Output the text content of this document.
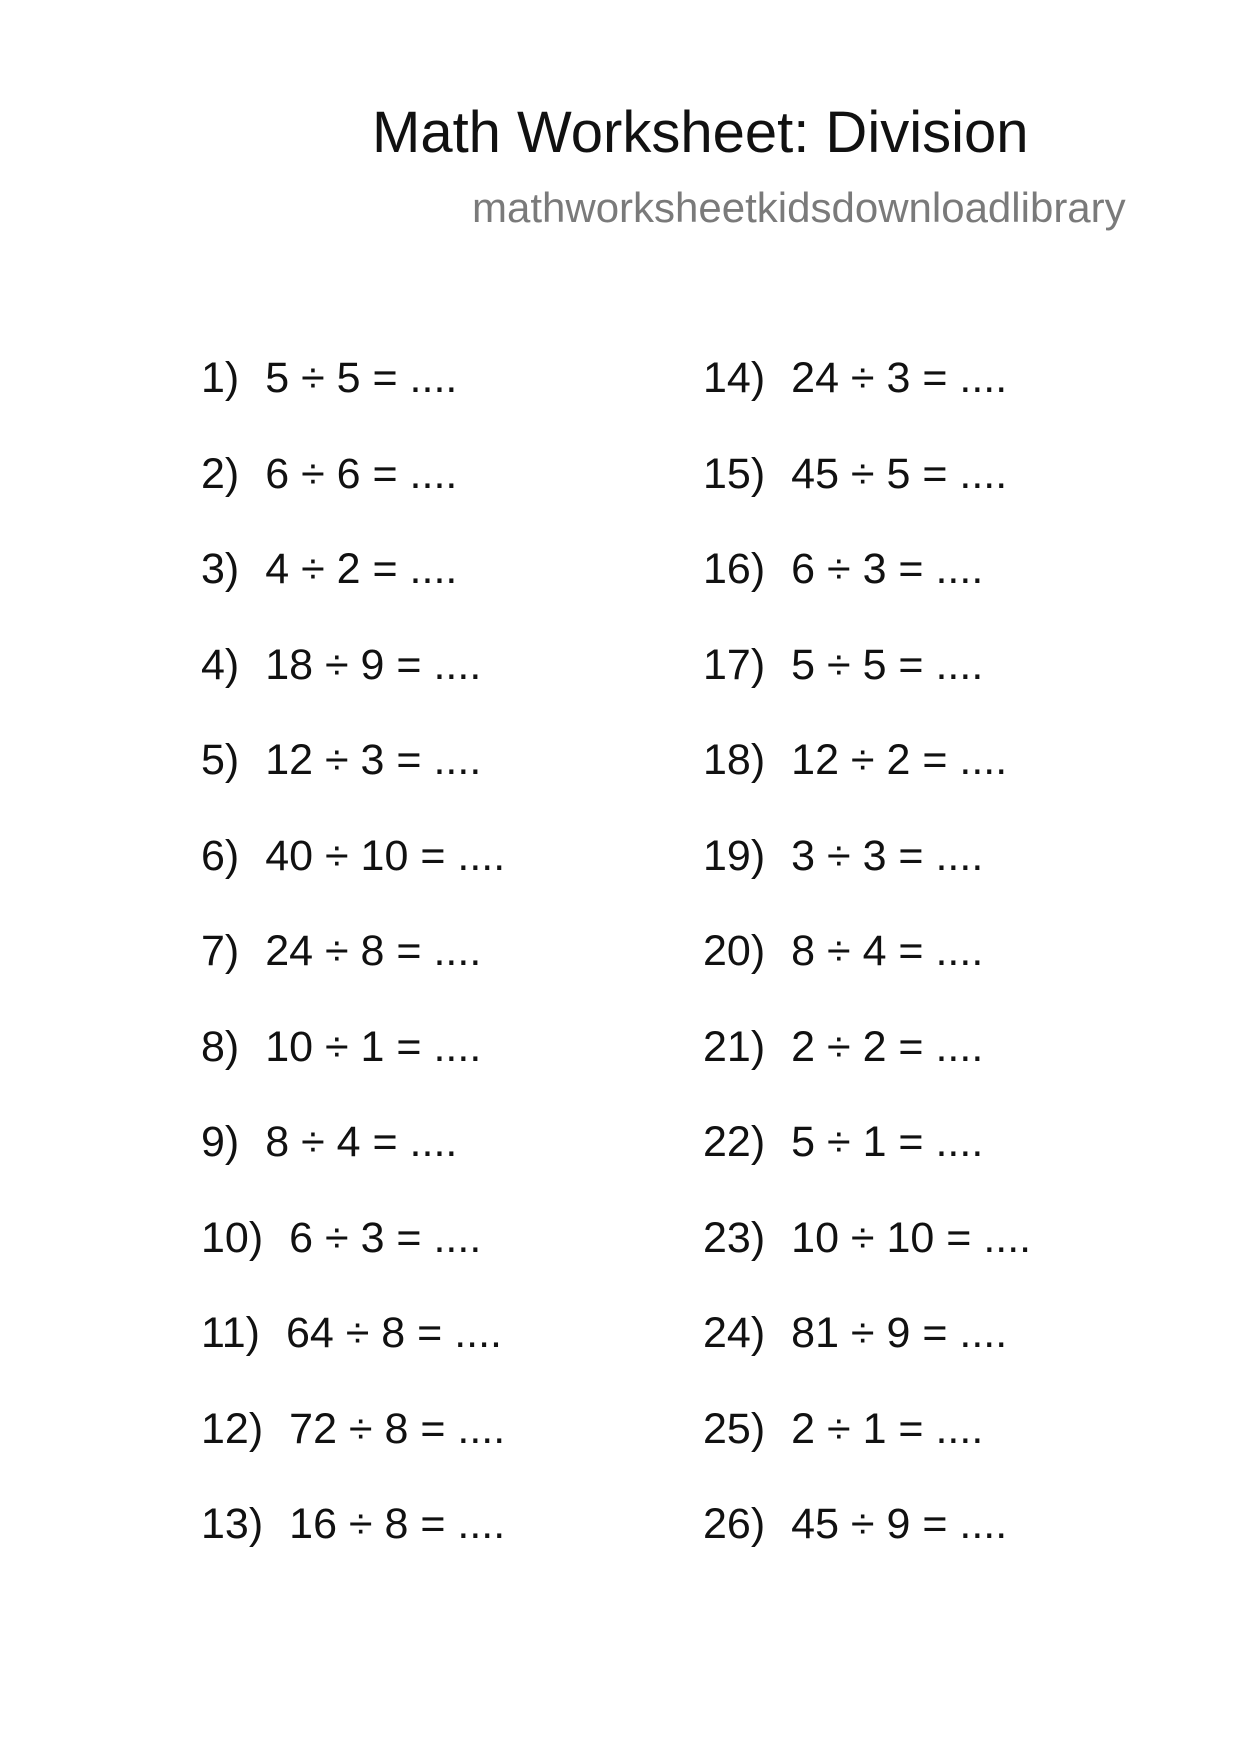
Math Worksheet: Division
mathworksheetkidsdownloadlibrary
1) 5 ÷ 5 = ....
2) 6 ÷ 6 = ....
3) 4 ÷ 2 = ....
4) 18 ÷ 9 = ....
5) 12 ÷ 3 = ....
6) 40 ÷ 10 = ....
7) 24 ÷ 8 = ....
8) 10 ÷ 1 = ....
9) 8 ÷ 4 = ....
10) 6 ÷ 3 = ....
11) 64 ÷ 8 = ....
12) 72 ÷ 8 = ....
13) 16 ÷ 8 = ....
14) 24 ÷ 3 = ....
15) 45 ÷ 5 = ....
16) 6 ÷ 3 = ....
17) 5 ÷ 5 = ....
18) 12 ÷ 2 = ....
19) 3 ÷ 3 = ....
20) 8 ÷ 4 = ....
21) 2 ÷ 2 = ....
22) 5 ÷ 1 = ....
23) 10 ÷ 10 = ....
24) 81 ÷ 9 = ....
25) 2 ÷ 1 = ....
26) 45 ÷ 9 = ....
